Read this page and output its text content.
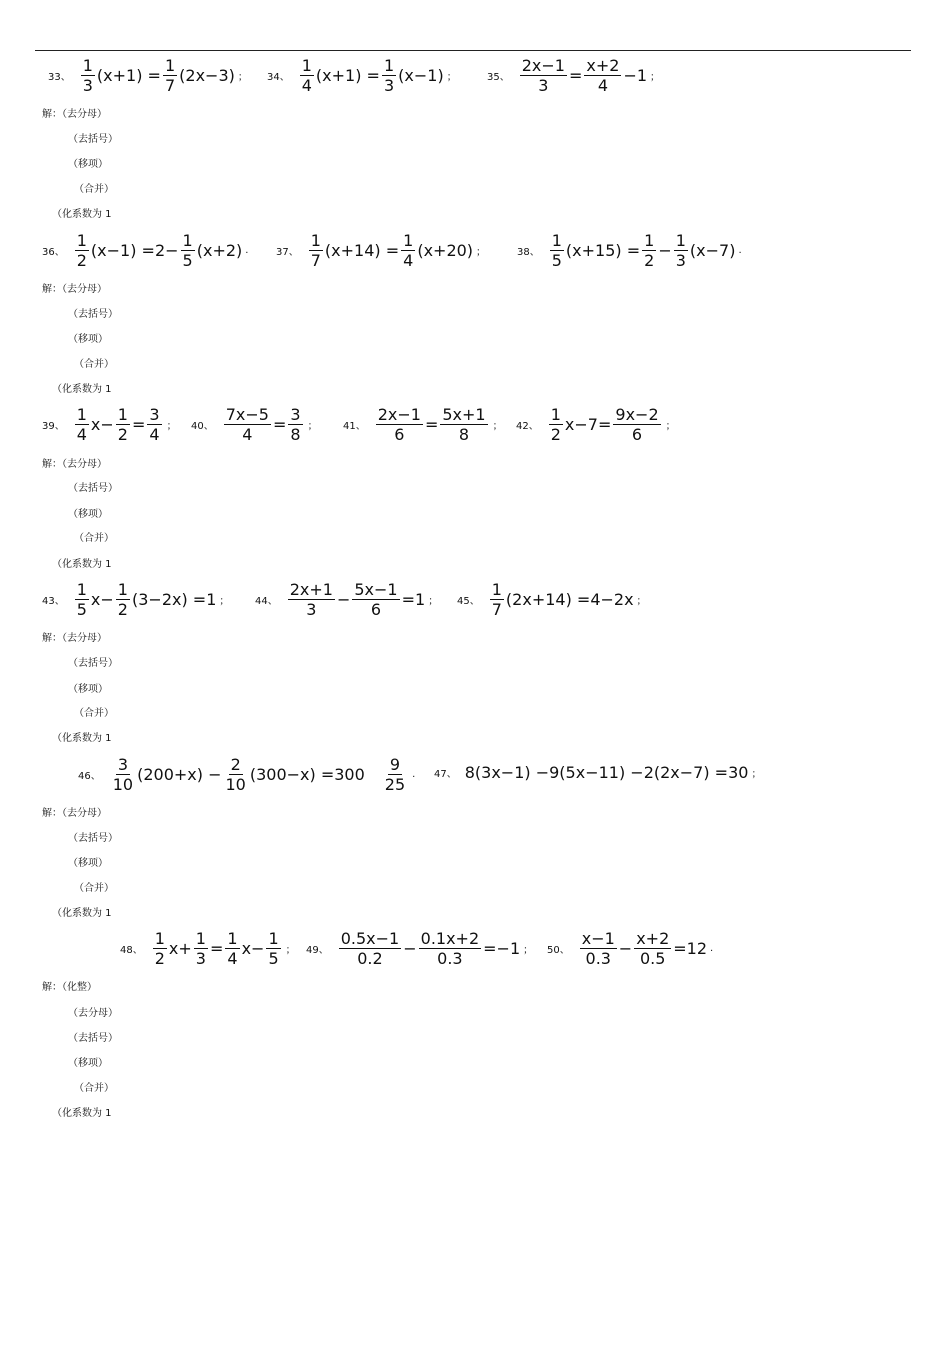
33、 $\frac{1}{3} (x+1) = \frac{1}{7} (2x-3)$ ； 34、 $\frac{1}{4} (x+1) = \frac{1}{3} (x-1)$ ；	35、 $\frac{2x-1}{3} = \frac{x+2}{4} -1$ ；
解：（去分母）
（去括号）
（移项）
（合并）
（化系数为 1
36、 $\frac{1}{2} (x-1) =2- \frac{1}{5} (x+2)$ .	37、 $\frac{1}{7} (x+14) = \frac{1}{4} (x+20)$ ；	38、 $\frac{1}{5} (x+15) = \frac{1}{2} - \frac{1}{3} (x-7)$ .
解：（去分母）
（去括号）
（移项）
（合并）
（化系数为 1
39、 $\frac{1}{4} x- \frac{1}{2} = \frac{3}{4}$ ； 40、 $\frac{7x-5}{4} = \frac{3}{8}$ ；	41、 $\frac{2x-1}{6} = \frac{5x+1}{8}$ ； 42、 $\frac{1}{2} x-7= \frac{9x-2}{6}$ ；
解：（去分母）
（去括号）
（移项）
（合并）
（化系数为 1
43、 $\frac{1}{5} x- \frac{1}{2} (3-2x) =1$ ；	44、 $\frac{2x+1}{3} - \frac{5x-1}{6} =1$ ； 45、 $\frac{1}{7} (2x+14) =4-2x$ ；
解：（去分母）
（去括号）
（移项）
（合并）
（化系数为 1
46、 $\frac{3}{10} (200+x) - \frac{2}{10} (300-x) =300 \frac{9}{25}$ . 47、 8(3x−1) −9(5x−11) −2(2x−7) =30 ；
解：（去分母）
（去括号）
（移项）
（合并）
（化系数为 1
48、 $\frac{1}{2} x+ \frac{1}{3} = \frac{1}{4} x- \frac{1}{5}$ ； 49、 $\frac{0.5x-1}{0.2} - \frac{0.1x+2}{0.3} =-1$ ； 50、 $\frac{x-1}{0.3} - \frac{x+2}{0.5} =12$ .
解：（化整）
（去分母）
（去括号）
（移项）
（合并）
（化系数为 1
